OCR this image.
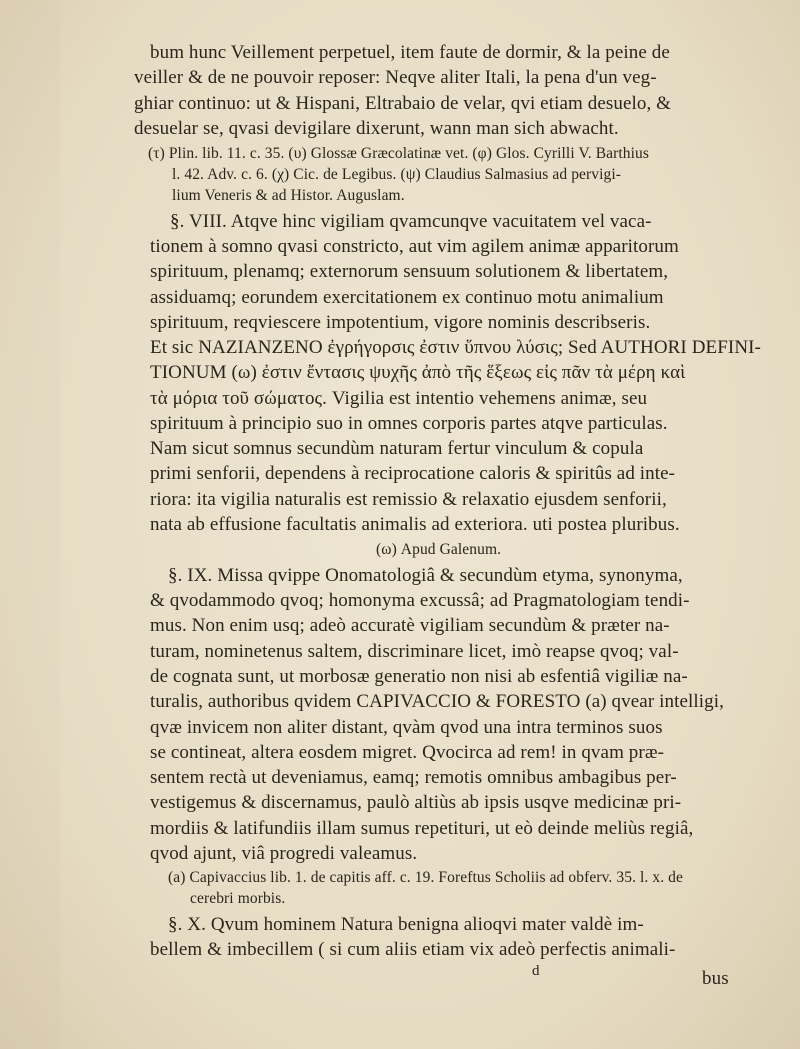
bum hunc Veillement perpetuel, item faute de dormir, & la peine de
veiller & de ne pouvoir reposer: Neqve aliter Itali, la pena d'un veg-
ghiar continuo: ut & Hispani, Eltrabaio de velar, qvi etiam desuelo, &
desuelar se, qvasi devigilare dixerunt, wann man sich abwacht.
(τ) Plin. lib. 11. c. 35. (υ) Glossæ Græcolatinæ vet. (φ) Glos. Cyrilli V. Barthius
l. 42. Adv. c. 6. (χ) Cic. de Legibus. (ψ) Claudius Salmasius ad pervigi-
lium Veneris & ad Histor. Auguslam.
§. VIII. Atqve hinc vigiliam qvamcunqve vacuitatem vel vaca-
tionem à somno qvasi constricto, aut vim agilem animæ apparitorum
spirituum, plenamq; externorum sensuum solutionem & libertatem,
assiduamq; eorundem exercitationem ex continuo motu animalium
spirituum, reqviescere impotentium, vigore nominis describseris.
Et sic NAZIANZENO ἐγρήγορσις ἐστιν ὕπνου λύσις; Sed AUTHORI DEFINI-
TIONUM (ω) ἐστιν ἔντασις ψυχῆς ἀπὸ τῆς ἕξεως εἰς πᾶν τὰ μέρη καὶ
τὰ μόρια τοῦ σώματος. Vigilia est intentio vehemens animæ, seu
spirituum à principio suo in omnes corporis partes atqve particulas.
Nam sicut somnus secundùm naturam fertur vinculum & copula
primi senforii, dependens à reciprocatione caloris & spiritûs ad inte-
riora: ita vigilia naturalis est remissio & relaxatio ejusdem senforii,
nata ab effusione facultatis animalis ad exteriora. uti postea pluribus.
(ω) Apud Galenum.
§. IX. Missa qvippe Onomatologiâ & secundùm etyma, synonyma,
& qvodammodo qvoq; homonyma excussâ; ad Pragmatologiam tendi-
mus. Non enim usq; adeò accuratè vigiliam secundùm & præter na-
turam, nominetenus saltem, discriminare licet, imò reapse qvoq; val-
de cognata sunt, ut morbosæ generatio non nisi ab esfentiâ vigiliæ na-
turalis, authoribus qvidem CAPIVACCIO & FORESTO (a) qvear intelligi,
qvæ invicem non aliter distant, qvàm qvod una intra terminos suos
se contineat, altera eosdem migret. Qvocirca ad rem! in qvam præ-
sentem rectà ut deveniamus, eamq; remotis omnibus ambagibus per-
vestigemus & discernamus, paulò altiùs ab ipsis usqve medicinæ pri-
mordiis & latifundiis illam sumus repetituri, ut eò deinde meliùs regiâ,
qvod ajunt, viâ progredi valeamus.
(a) Capivaccius lib. 1. de capitis aff. c. 19. Foreftus Scholiis ad obferv. 35. l. x. de
cerebri morbis.
§. X. Qvum hominem Natura benigna alioqvi mater valdè im-
bellem & imbecillem ( si cum aliis etiam vix adeò perfectis animali-
d	bus
